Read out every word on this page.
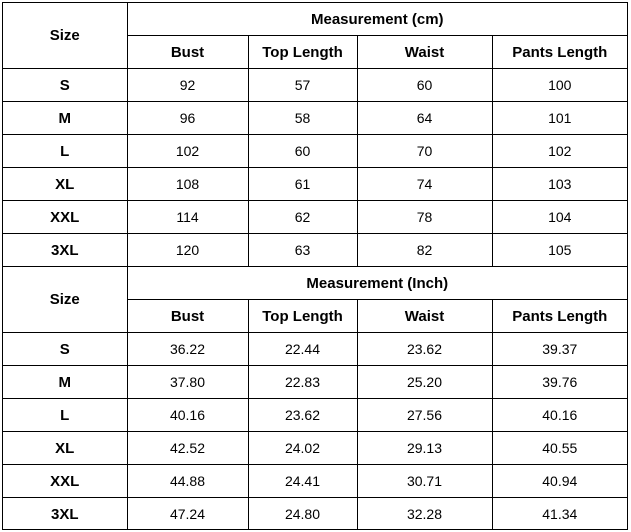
Size	Measurement (cm)			
	Bust	Top Length	Waist	Pants Length
S	92	57	60	100
M	96	58	64	101
L	102	60	70	102
XL	108	61	74	103
XXL	114	62	78	104
3XL	120	63	82	105
Size	Measurement (Inch)			
	Bust	Top Length	Waist	Pants Length
S	36.22	22.44	23.62	39.37
M	37.80	22.83	25.20	39.76
L	40.16	23.62	27.56	40.16
XL	42.52	24.02	29.13	40.55
XXL	44.88	24.41	30.71	40.94
3XL	47.24	24.80	32.28	41.34
